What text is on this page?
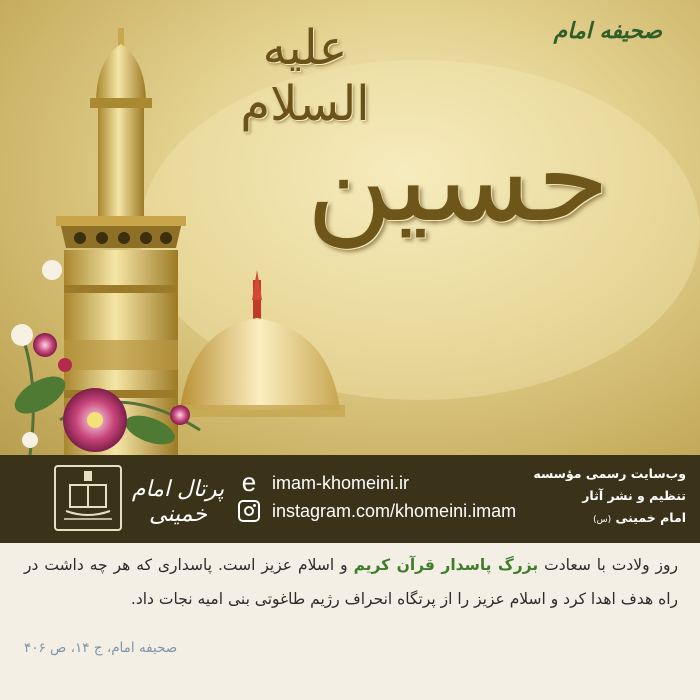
صحیفه امام
علیه السلام
حسین
پرتال امام خمینی
e imam-khomeini.ir
instagram.com/khomeini.imam
وب‌سایت رسمی مؤسسه
تنظیم و نشر آثار
امام خمینی (س)
روز ولادت با سعادت بزرگ پاسدار قرآن کریم و اسلام عزیز است. پاسداری که هر چه داشت در راه هدف اهدا کرد و اسلام عزیز را از پرتگاه انحراف رژیم طاغوتی بنی امیه نجات داد.
صحیفه امام، ج ۱۴، ص ۴۰۶
